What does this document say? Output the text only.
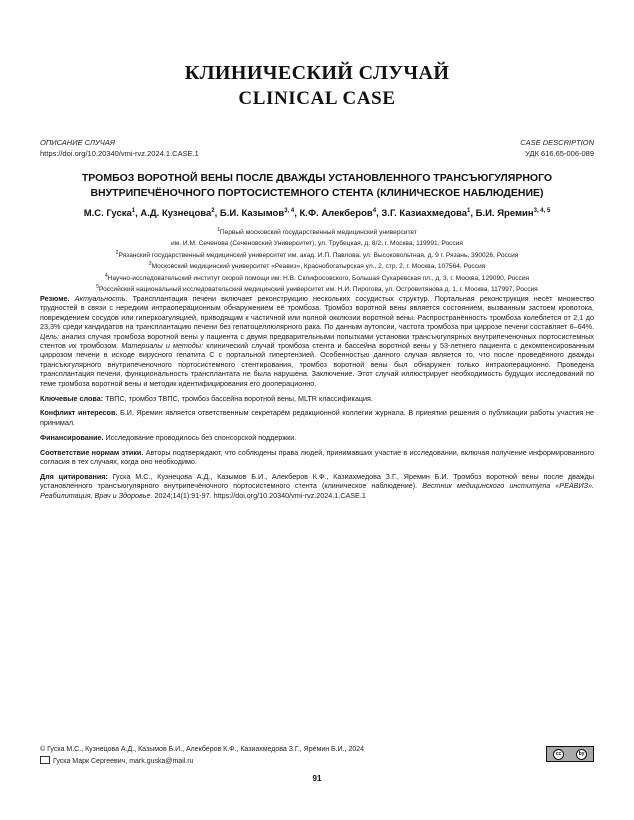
КЛИНИЧЕСКИЙ СЛУЧАЙ
CLINICAL CASE
ОПИСАНИЕ СЛУЧАЯ
https://doi.org/10.20340/vmi-rvz.2024.1.CASE.1
CASE DESCRIPTION
УДК 616.65-006-089
ТРОМБОЗ ВОРОТНОЙ ВЕНЫ ПОСЛЕ ДВАЖДЫ УСТАНОВЛЕННОГО ТРАНСЪЮГУЛЯРНОГО ВНУТРИПЕЧЁНОЧНОГО ПОРТОСИСТЕМНОГО СТЕНТА (КЛИНИЧЕСКОЕ НАБЛЮДЕНИЕ)
М.С. Гуска$^1$, А.Д. Кузнецова$^2$, Б.И. Казымов$^{3, 4}$, К.Ф. Алекберов$^4$, З.Г. Казиахмедова$^1$, Б.И. Яремин$^{3, 4, 5}$
$^1$Первый московский государственный медицинский университет
им. И.М. Сеченова (Сеченовский Университет), ул. Трубецкая, д. 8/2, г. Москва, 119991, Россия
$^2$Рязанский государственный медицинский университет им. акад. И.П. Павлова, ул. Высоковольтная, д. 9 г. Рязань, 390026, Россия
$^3$Московский медицинский университет «Реавиз», Краснобогатырская ул., 2, стр. 2, г. Москва, 107564, Россия
$^4$Научно-исследовательский институт скорой помощи им. Н.В. Склифосовского, Большая Сухаревская пл., д. 3, г. Москва, 129090, Россия
$^5$Российский национальный исследовательский медицинский университет им. Н.И. Пирогова, ул. Островитянова д. 1, г. Москва, 117997, Россия

Резюме. Актуальность. Трансплантация печени включает реконструкцию нескольких сосудистых структур. Портальная реконструкция несёт множество трудностей в связи с нередким интраоперационным обнаружением её тромбоза. Тромбоз воротной вены является состоянием, вызванным застоем кровотока, повреждением сосудов или гиперкоагуляцией, приводящим к частичной или полной окклюзии воротной вены. Распространённость тромбоза колеблется от 2,1 до 23,3% среди кандидатов на трансплантацию печени без гепатоцеллюлярного рака. По данным аутопсии, частота тромбоза при циррозе печени составляет 6–64%. Цель: анализ случая тромбоза воротной вены у пациента с двумя предварительными попытками установки трансъюгулярных внутрипеченочных портосистемных стентов их тромбозом. Материалы и методы: клинический случай тромбоза стента и бассейна воротной вены у 53-летнего пациента с декомпенсированным циррозом печени в исходе вирусного гепатита С с портальной гипертензией. Особенностью данного случая является то, что после проведённого дважды трансъюгулярного внутрипеченочного портосистемного стентирования, тромбоз воротной вены был обнаружен только интраоперационно. Проведена трансплантация печени, функциональность трансплантата не была нарушена. Заключение. Этот случай иллюстрирует необходимость будущих исследований по теме тромбоза воротной вены и методик идентифицирования его дооперационно.

Ключевые слова: ТВПС, тромбоз ТВПС, тромбоз бассейна воротной вены, MLTR классификация.

Конфликт интересов. Б.И. Яремин является ответственным секретарём редакционной коллегии журнала. В принятии решения о публикации работы участия не принимал.

Финансирование. Исследование проводилось без спонсорской поддержки.

Соответствие нормам этики. Авторы подтверждают, что соблюдены права людей, принимавших участие в исследовании, включая получение информированного согласия в тех случаях, когда оно необходимо.

Для цитирования: Гуска М.С., Кузнецова А.Д., Казымов Б.И., Алекберов К.Ф., Казиахмедова З.Г., Яремин Б.И. Тромбоз воротной вены после дважды установленного трансъюгулярного внутрипечёночного портосистемного стента (клиническое наблюдение). Вестник медицинского института «РЕАВИЗ». Реабилитация, Врач и Здоровье. 2024;14(1):91-97. https://doi.org/10.20340/vmi-rvz.2024.1.CASE.1

© Гуска М.С., Кузнецова А.Д., Казымов Б.И., Алекберов К.Ф., Казиахмедова З.Г., Яремин Б.И., 2024
Гуска Марк Сергеевич, mark.guska@mail.ru
cc	by
91
